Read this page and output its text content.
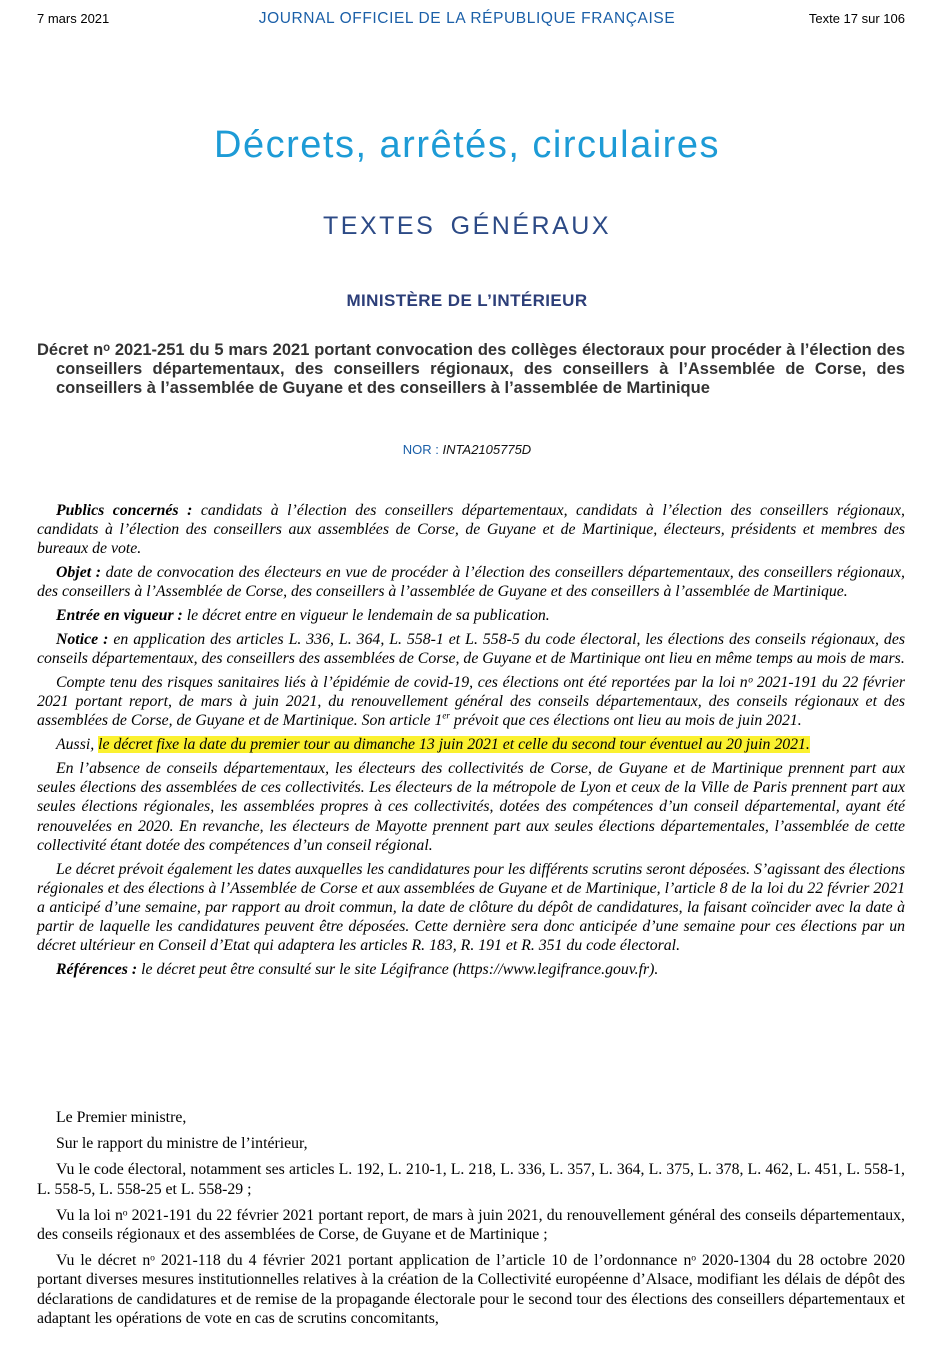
7 mars 2021	JOURNAL OFFICIEL DE LA RÉPUBLIQUE FRANÇAISE	Texte 17 sur 106
Décrets, arrêtés, circulaires
TEXTES GÉNÉRAUX
MINISTÈRE DE L’INTÉRIEUR
Décret nᵒ 2021-251 du 5 mars 2021 portant convocation des collèges électoraux pour procéder à l’élection des conseillers départementaux, des conseillers régionaux, des conseillers à l’Assemblée de Corse, des conseillers à l’assemblée de Guyane et des conseillers à l’assemblée de Martinique
NOR : INTA2105775D

Publics concernés : candidats à l’élection des conseillers départementaux, candidats à l’élection des conseillers régionaux, candidats à l’élection des conseillers aux assemblées de Corse, de Guyane et de Martinique, électeurs, présidents et membres des bureaux de vote.

Objet : date de convocation des électeurs en vue de procéder à l’élection des conseillers départementaux, des conseillers régionaux, des conseillers à l’Assemblée de Corse, des conseillers à l’assemblée de Guyane et des conseillers à l’assemblée de Martinique.

Entrée en vigueur : le décret entre en vigueur le lendemain de sa publication.

Notice : en application des articles L. 336, L. 364, L. 558-1 et L. 558-5 du code électoral, les élections des conseils régionaux, des conseils départementaux, des conseillers des assemblées de Corse, de Guyane et de Martinique ont lieu en même temps au mois de mars.

Compte tenu des risques sanitaires liés à l’épidémie de covid-19, ces élections ont été reportées par la loi nᵒ 2021-191 du 22 février 2021 portant report, de mars à juin 2021, du renouvellement général des conseils départementaux, des conseils régionaux et des assemblées de Corse, de Guyane et de Martinique. Son article 1er prévoit que ces élections ont lieu au mois de juin 2021.

Aussi, le décret fixe la date du premier tour au dimanche 13 juin 2021 et celle du second tour éventuel au 20 juin 2021.

En l’absence de conseils départementaux, les électeurs des collectivités de Corse, de Guyane et de Martinique prennent part aux seules élections des assemblées de ces collectivités. Les électeurs de la métropole de Lyon et ceux de la Ville de Paris prennent part aux seules élections régionales, les assemblées propres à ces collectivités, dotées des compétences d’un conseil départemental, ayant été renouvelées en 2020. En revanche, les électeurs de Mayotte prennent part aux seules élections départementales, l’assemblée de cette collectivité étant dotée des compétences d’un conseil régional.

Le décret prévoit également les dates auxquelles les candidatures pour les différents scrutins seront déposées. S’agissant des élections régionales et des élections à l’Assemblée de Corse et aux assemblées de Guyane et de Martinique, l’article 8 de la loi du 22 février 2021 a anticipé d’une semaine, par rapport au droit commun, la date de clôture du dépôt de candidatures, la faisant coïncider avec la date à partir de laquelle les candidatures peuvent être déposées. Cette dernière sera donc anticipée d’une semaine pour ces élections par un décret ultérieur en Conseil d’Etat qui adaptera les articles R. 183, R. 191 et R. 351 du code électoral.

Références : le décret peut être consulté sur le site Légifrance (https://www.legifrance.gouv.fr).

Le Premier ministre,

Sur le rapport du ministre de l’intérieur,

Vu le code électoral, notamment ses articles L. 192, L. 210-1, L. 218, L. 336, L. 357, L. 364, L. 375, L. 378, L. 462, L. 451, L. 558-1, L. 558-5, L. 558-25 et L. 558-29 ;

Vu la loi nᵒ 2021-191 du 22 février 2021 portant report, de mars à juin 2021, du renouvellement général des conseils départementaux, des conseils régionaux et des assemblées de Corse, de Guyane et de Martinique ;

Vu le décret nᵒ 2021-118 du 4 février 2021 portant application de l’article 10 de l’ordonnance nᵒ 2020-1304 du 28 octobre 2020 portant diverses mesures institutionnelles relatives à la création de la Collectivité européenne d’Alsace, modifiant les délais de dépôt des déclarations de candidatures et de remise de la propagande électorale pour le second tour des élections des conseillers départementaux et adaptant les opérations de vote en cas de scrutins concomitants,
